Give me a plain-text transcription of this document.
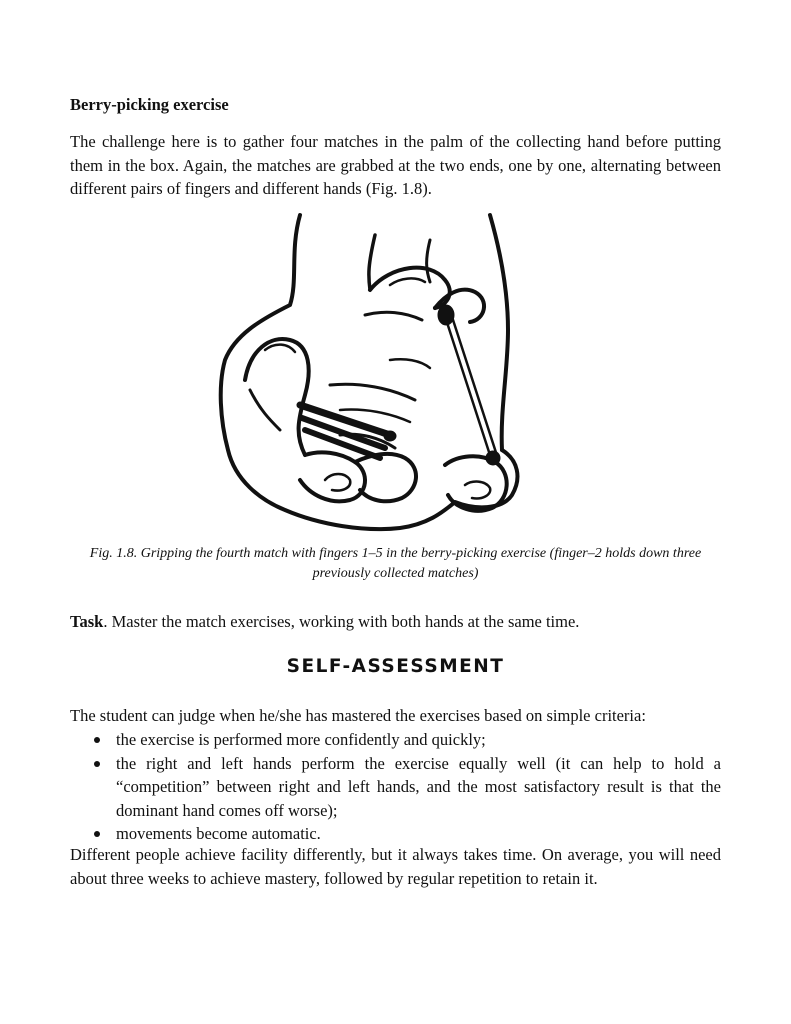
Berry-picking exercise

The challenge here is to gather four matches in the palm of the collecting hand before putting them in the box. Again, the matches are grabbed at the two ends, one by one, alternating between different pairs of fingers and different hands (Fig. 1.8).

Fig. 1.8. Gripping the fourth match with fingers 1–5 in the berry-picking exercise (finger–2 holds down three previously collected matches)

Task. Master the match exercises, working with both hands at the same time.

SELF-ASSESSMENT

The student can judge when he/she has mastered the exercises based on simple criteria:

the exercise is performed more confidently and quickly;
the right and left hands perform the exercise equally well (it can help to hold a “competition” between right and left hands, and the most satisfactory result is that the dominant hand comes off worse);
movements become automatic.

Different people achieve facility differently, but it always takes time. On average, you will need about three weeks to achieve mastery, followed by regular repetition to retain it.
